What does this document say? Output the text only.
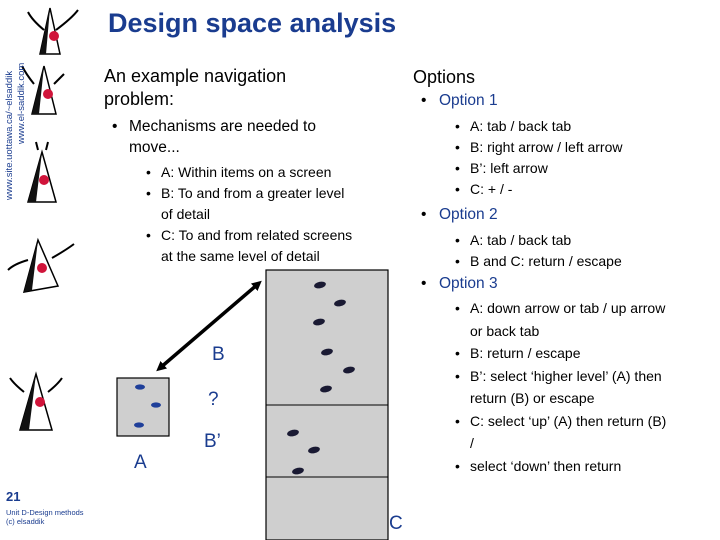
www.site.uottawa.ca/~elsaddik www.el-saddik.com
Design space analysis
An example navigation
problem:
• Mechanisms are needed to
move...
• A: Within items on a screen
• B: To and from a greater level
of detail
• C: To and from related screens
at the same level of detail
Options
• Option 1
• A: tab / back tab
• B: right arrow / left arrow
• B’: left arrow
• C: + / -
• Option 2
• A: tab / back tab
• B and C: return / escape
• Option 3
• A: down arrow or tab / up arrow
or back tab
• B: return / escape
• B’: select ‘higher level’ (A) then
return (B) or escape
• C: select ‘up’ (A) then return (B)
/
• select ‘down’ then return
B
?
B’
A
C
21
Unit D-Design methods
(c) elsaddik
